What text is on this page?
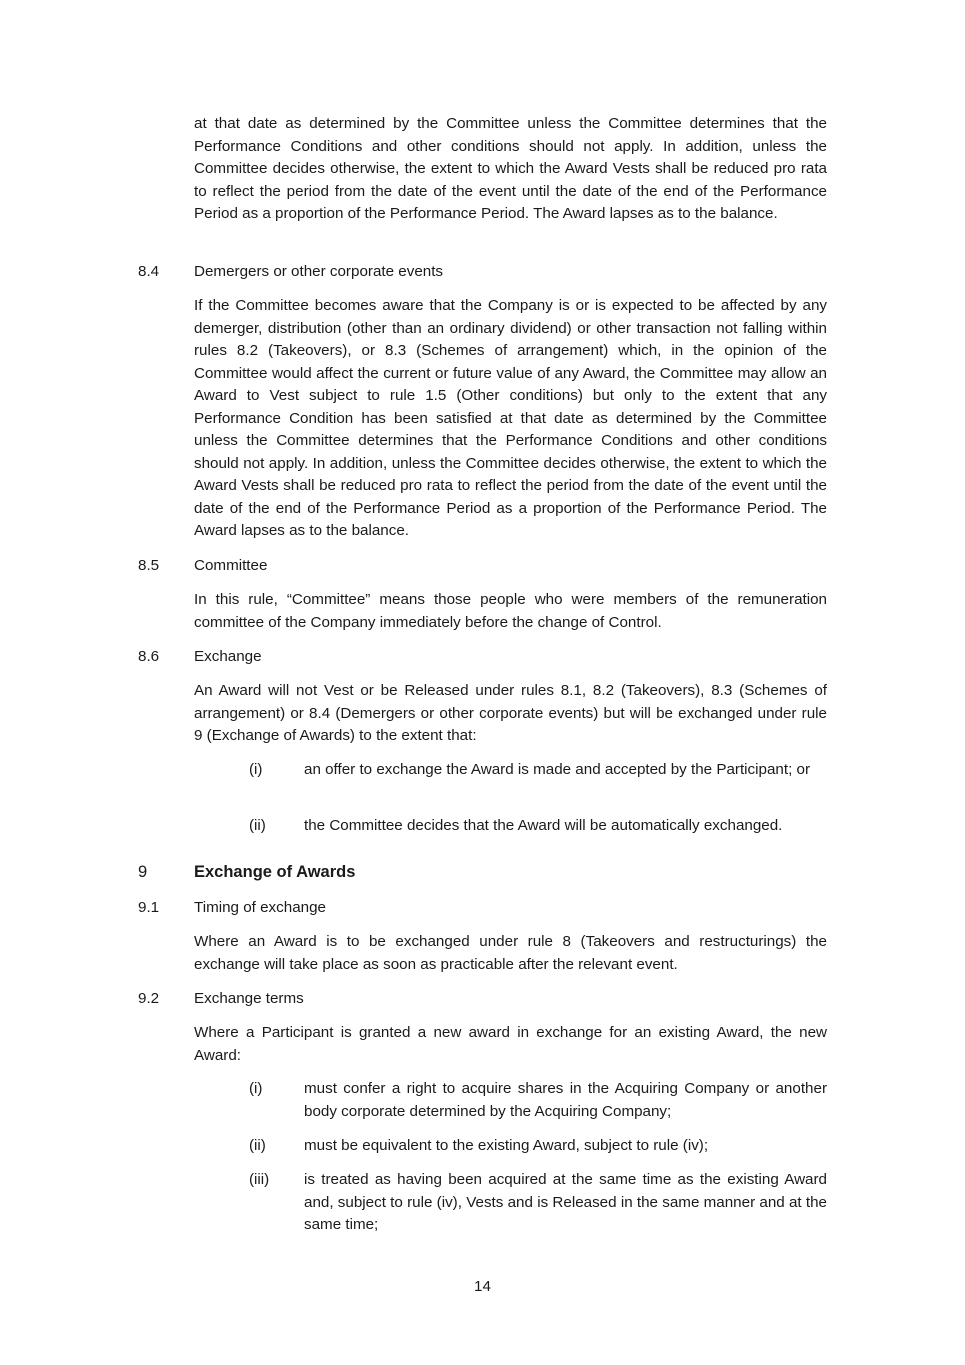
at that date as determined by the Committee unless the Committee determines that the Performance Conditions and other conditions should not apply. In addition, unless the Committee decides otherwise, the extent to which the Award Vests shall be reduced pro rata to reflect the period from the date of the event until the date of the end of the Performance Period as a proportion of the Performance Period. The Award lapses as to the balance.

8.4 Demergers or other corporate events

If the Committee becomes aware that the Company is or is expected to be affected by any demerger, distribution (other than an ordinary dividend) or other transaction not falling within rules 8.2 (Takeovers), or 8.3 (Schemes of arrangement) which, in the opinion of the Committee would affect the current or future value of any Award, the Committee may allow an Award to Vest subject to rule 1.5 (Other conditions) but only to the extent that any Performance Condition has been satisfied at that date as determined by the Committee unless the Committee determines that the Performance Conditions and other conditions should not apply. In addition, unless the Committee decides otherwise, the extent to which the Award Vests shall be reduced pro rata to reflect the period from the date of the event until the date of the end of the Performance Period as a proportion of the Performance Period. The Award lapses as to the balance.

8.5 Committee

In this rule, “Committee” means those people who were members of the remuneration committee of the Company immediately before the change of Control.

8.6 Exchange

An Award will not Vest or be Released under rules 8.1, 8.2 (Takeovers), 8.3 (Schemes of arrangement) or 8.4 (Demergers or other corporate events) but will be exchanged under rule 9 (Exchange of Awards) to the extent that:

(i)	an offer to exchange the Award is made and accepted by the Participant; or

(ii)	the Committee decides that the Award will be automatically exchanged.

9	Exchange of Awards
9.1 Timing of exchange

Where an Award is to be exchanged under rule 8 (Takeovers and restructurings) the exchange will take place as soon as practicable after the relevant event.

9.2 Exchange terms

Where a Participant is granted a new award in exchange for an existing Award, the new Award:

(i)	must confer a right to acquire shares in the Acquiring Company or another body corporate determined by the Acquiring Company;

(ii)	must be equivalent to the existing Award, subject to rule (iv);

(iii) is treated as having been acquired at the same time as the existing Award and, subject to rule (iv), Vests and is Released in the same manner and at the same time;

14
